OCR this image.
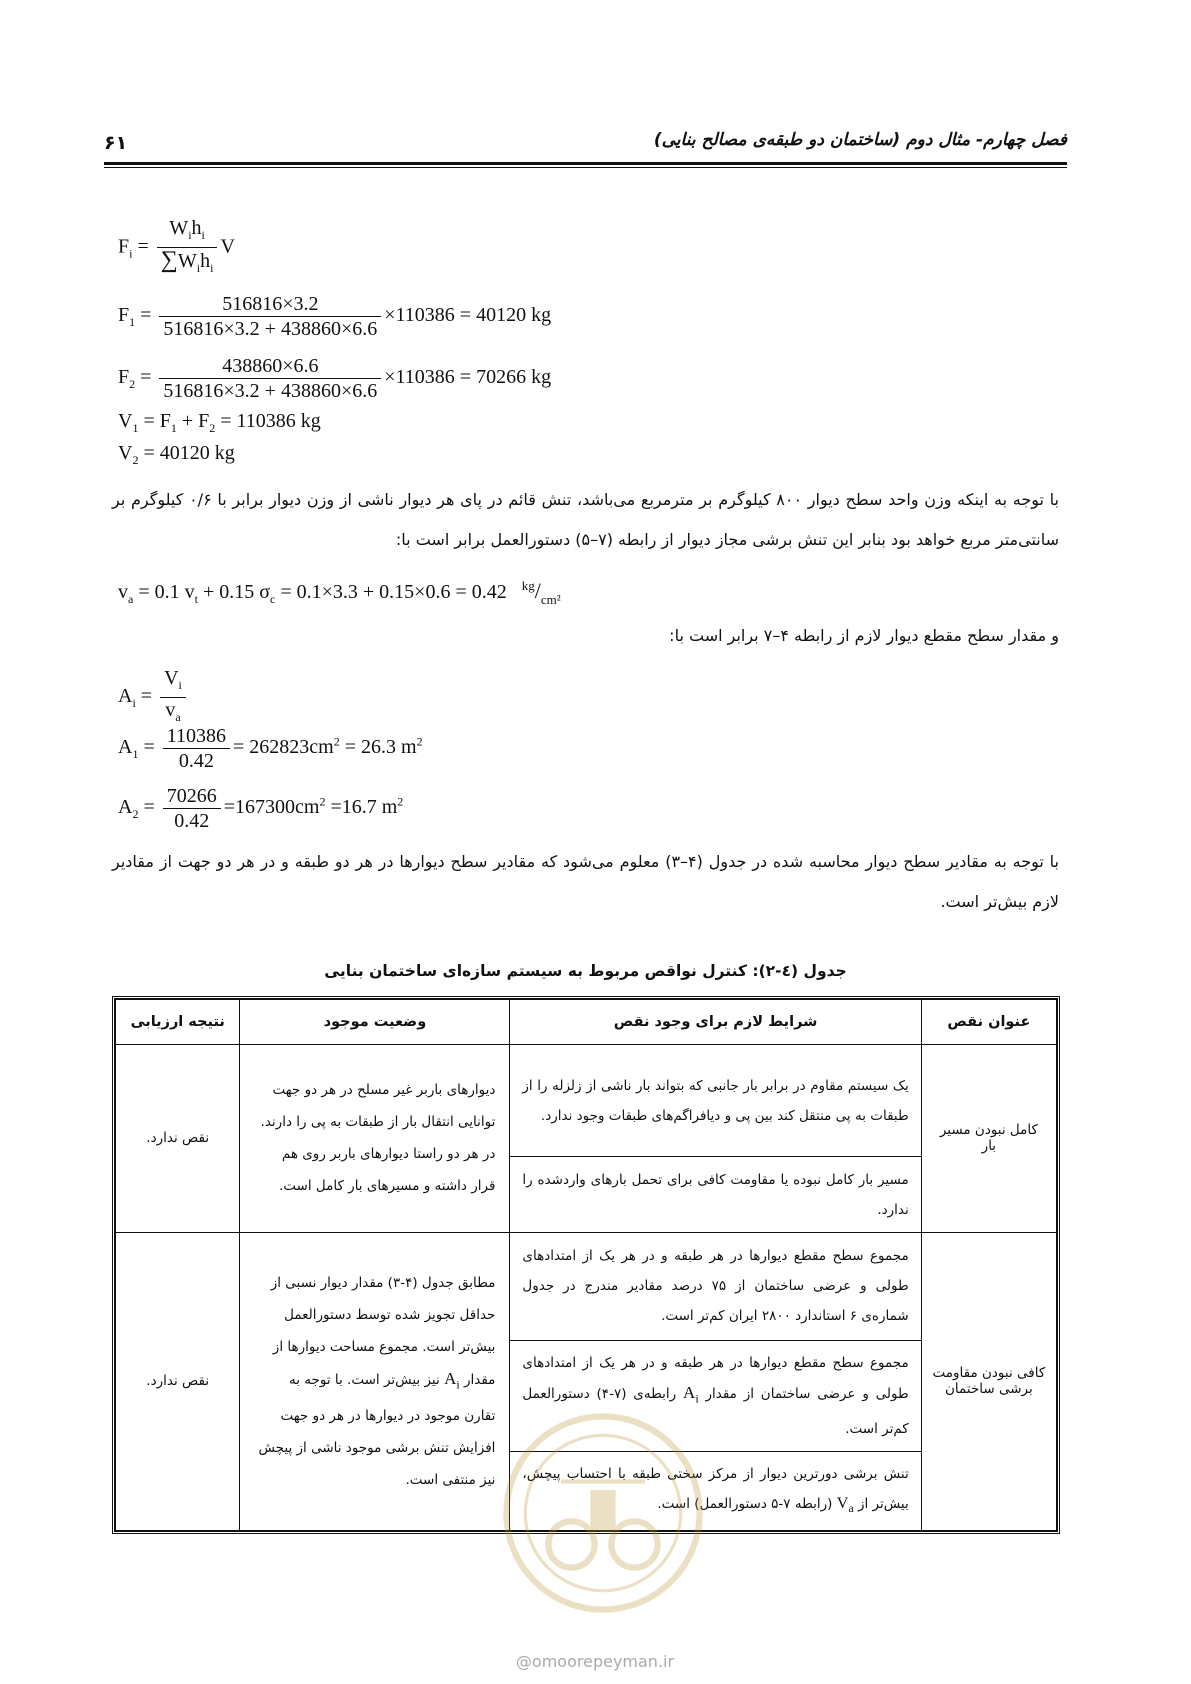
۶۱	فصل چهارم- مثال دوم (ساختمان دو طبقه‌ی مصالح بنایی)
$F_i = \frac{W_ih_i}{\sum W_ih_i}$ V
$F_1 = \frac{516816\times 3.2}{516816\times 3.2 + 438860\times 6.6} \times 110386 = 40120$ kg
$F_2 = \frac{438860\times 6.6}{516816\times 3.2 + 438860\times 6.6} \times 110386 = 70266$ kg
$V_1 = F_1 + F_2 = 110386$ kg
$V_2 = 40120$ kg
با توجه به اینکه وزن واحد سطح دیوار ۸۰۰ کیلوگرم بر مترمربع می‌باشد، تنش قائم در پای هر دیوار ناشی از وزن دیوار برابر با ۰/۶ کیلوگرم بر سانتی‌متر مربع خواهد بود بنابر این تنش برشی مجاز دیوار از رابطه (۷–۵) دستورالعمل برابر است با:
$v_a = 0.1$ $v_t + 0.15$ $\sigma_c = 0.1\times 3.3 + 0.15\times 0.6 = 0.42$ $^{kg}/_{cm^2}$
و مقدار سطح مقطع دیوار لازم از رابطه ۴–۷ برابر است با:
$A_i = \frac{V_i}{v_a}$
$A_1 = \frac{110386}{0.42} = 262823cm^2 = 26.3$ $m^2$
$A_2 = \frac{70266}{0.42} =167300cm^2 =16.7$ $m^2$
با توجه به مقادیر سطح دیوار محاسبه شده در جدول (۴–۳) معلوم می‌شود که مقادیر سطح دیوارها در هر دو طبقه و در هر دو جهت از مقادیر لازم بیش‌تر است.
جدول (٤-٢): کنترل نواقص مربوط به سیستم سازه‌ای ساختمان بنایی
عنوان نقص	شرایط لازم برای وجود نقص	وضعیت موجود	نتیجه ارزیابی
کامل نبودن مسیر بار	یک سیستم مقاوم در برابر بار جانبی که بتواند بار ناشی از زلزله را از طبقات به پی منتقل کند بین پی و دیافراگم‌های طبقات وجود ندارد.	دیوارهای باربر غیر مسلح در هر دو جهت توانایی انتقال بار از طبقات به پی را دارند. در هر دو راستا دیوارهای باربر روی هم قرار داشته و مسیرهای بار کامل است.	نقص ندارد.
	مسیر بار کامل نبوده یا مقاومت کافی برای تحمل بارهای واردشده را ندارد.		
کافی نبودن مقاومت برشی ساختمان	مجموع سطح مقطع دیوارها در هر طبقه و در هر یک از امتدادهای طولی و عرضی ساختمان از ۷۵ درصد مقادیر مندرج در جدول شماره‌ی ۶ استاندارد ۲۸۰۰ ایران کم‌تر است.	مطابق جدول (۴-۳) مقدار دیوار نسبی از حداقل تجویز شده توسط دستورالعمل بیش‌تر است. مجموع مساحت دیوارها از مقدار $A_i$ نیز بیش‌تر است. با توجه به تقارن موجود در دیوارها در هر دو جهت افزایش تنش برشی موجود ناشی از پیچش نیز منتفی است.	نقص ندارد.
	مجموع سطح مقطع دیوارها در هر طبقه و در هر یک از امتدادهای طولی و عرضی ساختمان از مقدار $A_i$ رابطه‌ی (۷-۴) دستورالعمل کم‌تر است.		
	تنش برشی دورترین دیوار از مرکز سختی طبقه با احتساب پیچش، بیش‌تر از $V_a$ (رابطه ۷-۵ دستورالعمل) است.		
@omoorepeyman.ir
